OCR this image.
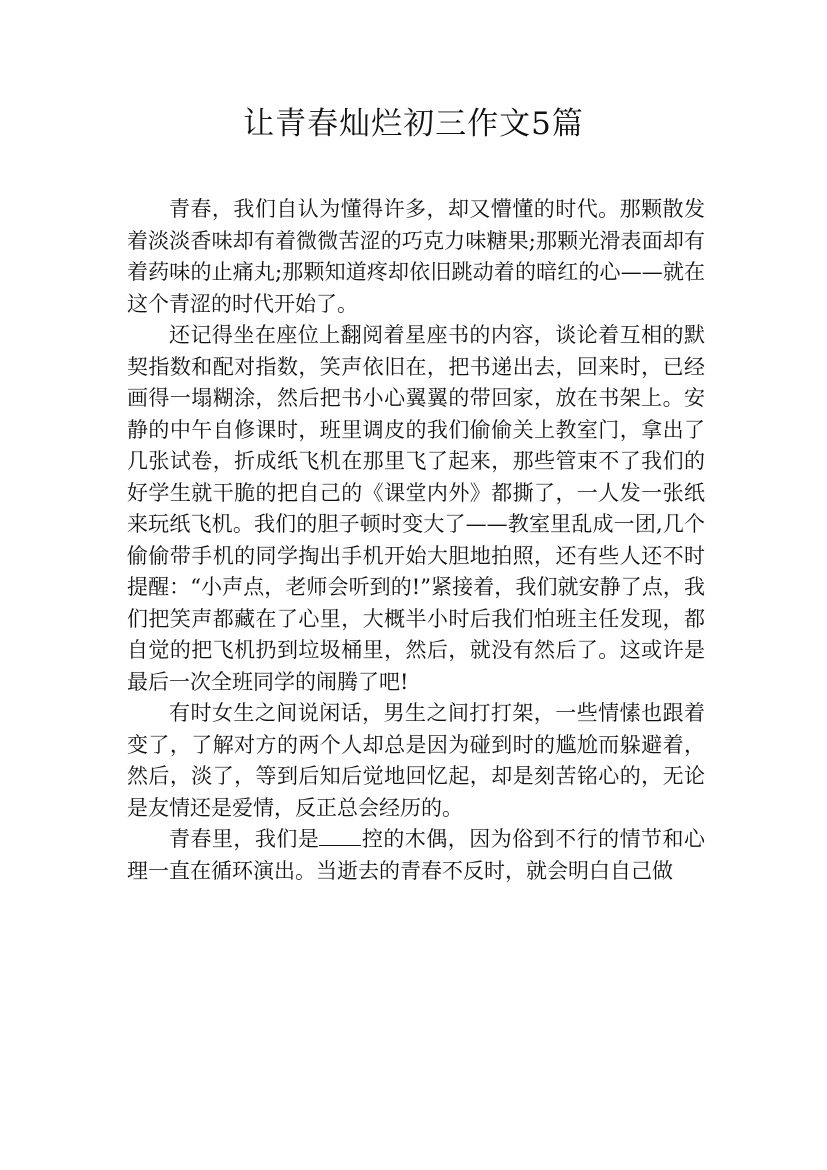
让青春灿烂初三作文5篇

青春，我们自认为懂得许多，却又懵懂的时代。那颗散发着淡淡香味却有着微微苦涩的巧克力味糖果;那颗光滑表面却有着药味的止痛丸;那颗知道疼却依旧跳动着的暗红的心——就在这个青涩的时代开始了。

还记得坐在座位上翻阅着星座书的内容，谈论着互相的默契指数和配对指数，笑声依旧在，把书递出去，回来时，已经画得一塌糊涂，然后把书小心翼翼的带回家，放在书架上。安静的中午自修课时，班里调皮的我们偷偷关上教室门，拿出了几张试卷，折成纸飞机在那里飞了起来，那些管束不了我们的好学生就干脆的把自己的《课堂内外》都撕了，一人发一张纸来玩纸飞机。我们的胆子顿时变大了——教室里乱成一团,几个偷偷带手机的同学掏出手机开始大胆地拍照，还有些人还不时提醒：“小声点，老师会听到的!”紧接着，我们就安静了点，我们把笑声都藏在了心里，大概半小时后我们怕班主任发现，都自觉的把飞机扔到垃圾桶里，然后，就没有然后了。这或许是最后一次全班同学的闹腾了吧!

有时女生之间说闲话，男生之间打打架，一些情愫也跟着变了，了解对方的两个人却总是因为碰到时的尴尬而躲避着，然后，淡了，等到后知后觉地回忆起，却是刻苦铭心的，无论是友情还是爱情，反正总会经历的。

青春里，我们是 控的木偶，因为俗到不行的情节和心理一直在循环演出。当逝去的青春不反时，就会明白自己做
